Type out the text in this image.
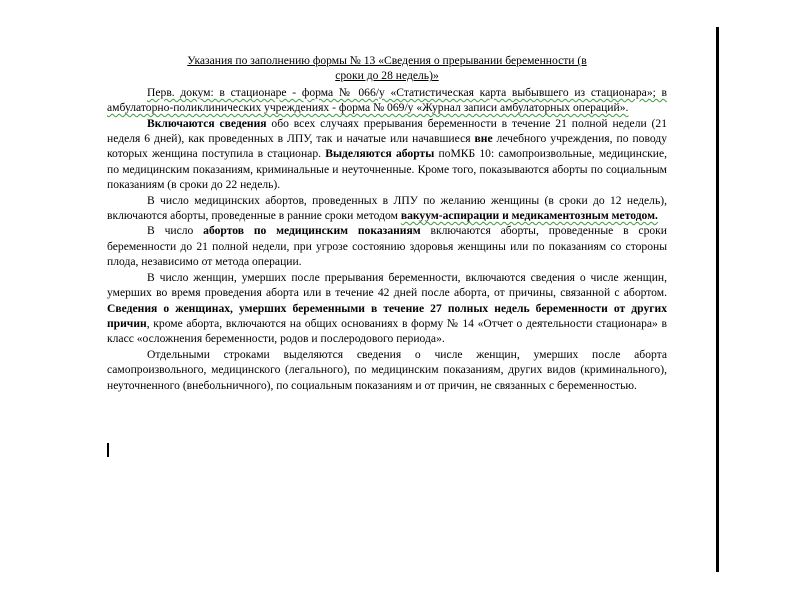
Указания по заполнению формы № 13 «Сведения о прерывании беременности (в
сроки до 28 недель)»

Перв. докум: в стационаре - форма № 066/у «Статистическая карта выбывшего из стационара»; в амбулаторно-поликлинических учреждениях - форма № 069/у «Журнал записи амбулаторных операций».

Включаются сведения обо всех случаях прерывания беременности в течение 21 полной недели (21 неделя 6 дней), как проведенных в ЛПУ, так и начатые или начавшиеся вне лечебного учреждения, по поводу которых женщина поступила в стационар. Выделяются аборты поМКБ 10: самопроизвольные, медицинские, по медицинским показаниям, криминальные и неуточненные. Кроме того, показываются аборты по социальным показаниям (в сроки до 22 недель).

В число медицинских абортов, проведенных в ЛПУ по желанию женщины (в сроки до 12 недель), включаются аборты, проведенные в ранние сроки методом вакуум-аспирации и медикаментозным методом.

В число абортов по медицинским показаниям включаются аборты, проведенные в сроки беременности до 21 полной недели, при угрозе состоянию здоровья женщины или по показаниям со стороны плода, независимо от метода операции.

В число женщин, умерших после прерывания беременности, включаются сведения о числе женщин, умерших во время проведения аборта или в течение 42 дней после аборта, от причины, связанной с абортом. Сведения о женщинах, умерших беременными в течение 27 полных недель беременности от других причин, кроме аборта, включаются на общих основаниях в форму № 14 «Отчет о деятельности стационара» в класс «осложнения беременности, родов и послеродового периода».

Отдельными строками выделяются сведения о числе женщин, умерших после аборта самопроизвольного, медицинского (легального), по медицинским показаниям, других видов (криминального), неуточненного (внебольничного), по социальным показаниям и от причин, не связанных с беременностью.
